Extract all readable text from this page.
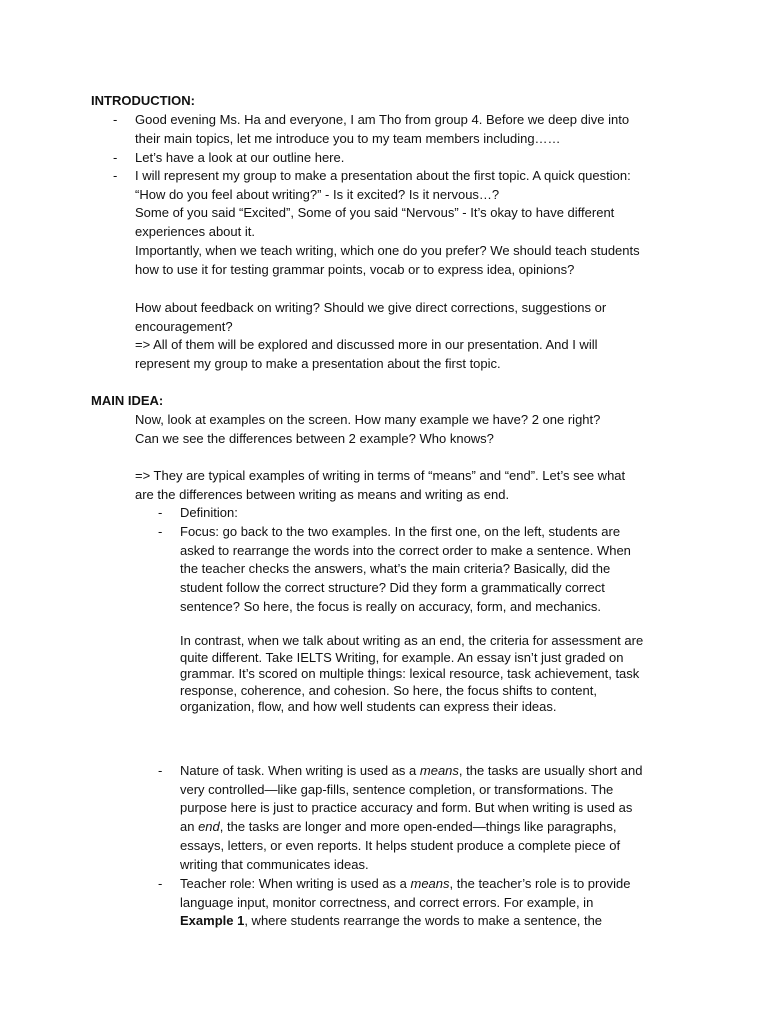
INTRODUCTION:
-	Good evening Ms. Ha and everyone, I am Tho from group 4. Before we deep dive into
their main topics, let me introduce you to my team members including……
-	Let’s have a look at our outline here.
-	I will represent my group to make a presentation about the first topic. A quick question:
“How do you feel about writing?” - Is it excited? Is it nervous…?
Some of you said “Excited”, Some of you said “Nervous” - It’s okay to have different
experiences about it.
Importantly, when we teach writing, which one do you prefer? We should teach students
how to use it for testing grammar points, vocab or to express idea, opinions?
How about feedback on writing? Should we give direct corrections, suggestions or
encouragement?
=> All of them will be explored and discussed more in our presentation. And I will
represent my group to make a presentation about the first topic.
MAIN IDEA:
Now, look at examples on the screen. How many example we have? 2 one right?
Can we see the differences between 2 example? Who knows?
=> They are typical examples of writing in terms of “means” and “end”. Let’s see what
are the differences between writing as means and writing as end.
-	Definition:
-	Focus: go back to the two examples. In the first one, on the left, students are
asked to rearrange the words into the correct order to make a sentence. When
the teacher checks the answers, what’s the main criteria? Basically, did the
student follow the correct structure? Did they form a grammatically correct
sentence? So here, the focus is really on accuracy, form, and mechanics.
In contrast, when we talk about writing as an end, the criteria for assessment are
quite different. Take IELTS Writing, for example. An essay isn’t just graded on
grammar. It’s scored on multiple things: lexical resource, task achievement, task
response, coherence, and cohesion. So here, the focus shifts to content,
organization, flow, and how well students can express their ideas.
-	Nature of task. When writing is used as a means, the tasks are usually short and
very controlled—like gap-fills, sentence completion, or transformations. The
purpose here is just to practice accuracy and form. But when writing is used as
an end, the tasks are longer and more open-ended—things like paragraphs,
essays, letters, or even reports. It helps student produce a complete piece of
writing that communicates ideas.
-	Teacher role: When writing is used as a means, the teacher’s role is to provide
language input, monitor correctness, and correct errors. For example, in
Example 1, where students rearrange the words to make a sentence, the
